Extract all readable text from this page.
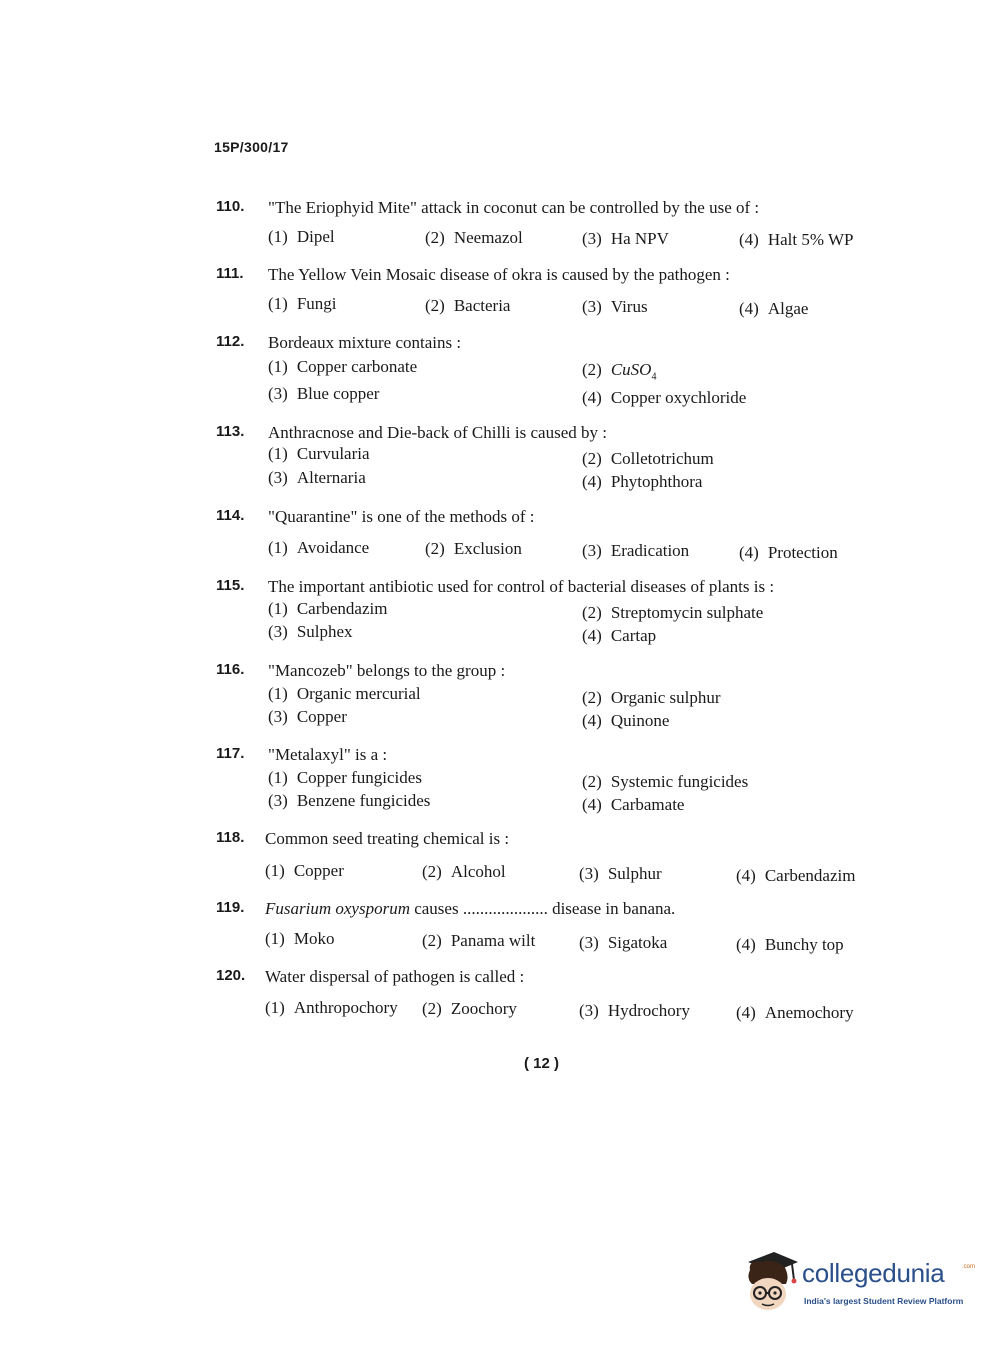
15P/300/17
110. "The Eriophyid Mite" attack in coconut can be controlled by the use of :
(1) Dipel	(2) Neemazol	(3) Ha NPV	(4) Halt 5% WP
111. The Yellow Vein Mosaic disease of okra is caused by the pathogen :
(1) Fungi	(2) Bacteria	(3) Virus	(4) Algae
112. Bordeaux mixture contains :
(1) Copper carbonate	(2) CuSO$_4$
(3) Blue copper	(4) Copper oxychloride
113. Anthracnose and Die-back of Chilli is caused by :
(1) Curvularia	(2) Colletotrichum
(3) Alternaria	(4) Phytophthora
114. "Quarantine" is one of the methods of :
(1) Avoidance	(2) Exclusion	(3) Eradication	(4) Protection
115. The important antibiotic used for control of bacterial diseases of plants is :
(1) Carbendazim	(2) Streptomycin sulphate
(3) Sulphex	(4) Cartap
116. "Mancozeb" belongs to the group :
(1) Organic mercurial	(2) Organic sulphur
(3) Copper	(4) Quinone
117. "Metalaxyl" is a :
(1) Copper fungicides	(2) Systemic fungicides
(3) Benzene fungicides	(4) Carbamate
118. Common seed treating chemical is :
(1) Copper	(2) Alcohol	(3) Sulphur	(4) Carbendazim
119. Fusarium oxysporum causes .................... disease in banana.
(1) Moko	(2) Panama wilt	(3) Sigatoka	(4) Bunchy top
120. Water dispersal of pathogen is called :
(1) Anthropochory (2) Zoochory	(3) Hydrochory	(4) Anemochory
( 12 )
collegedunia	.com
India's largest Student Review Platform
